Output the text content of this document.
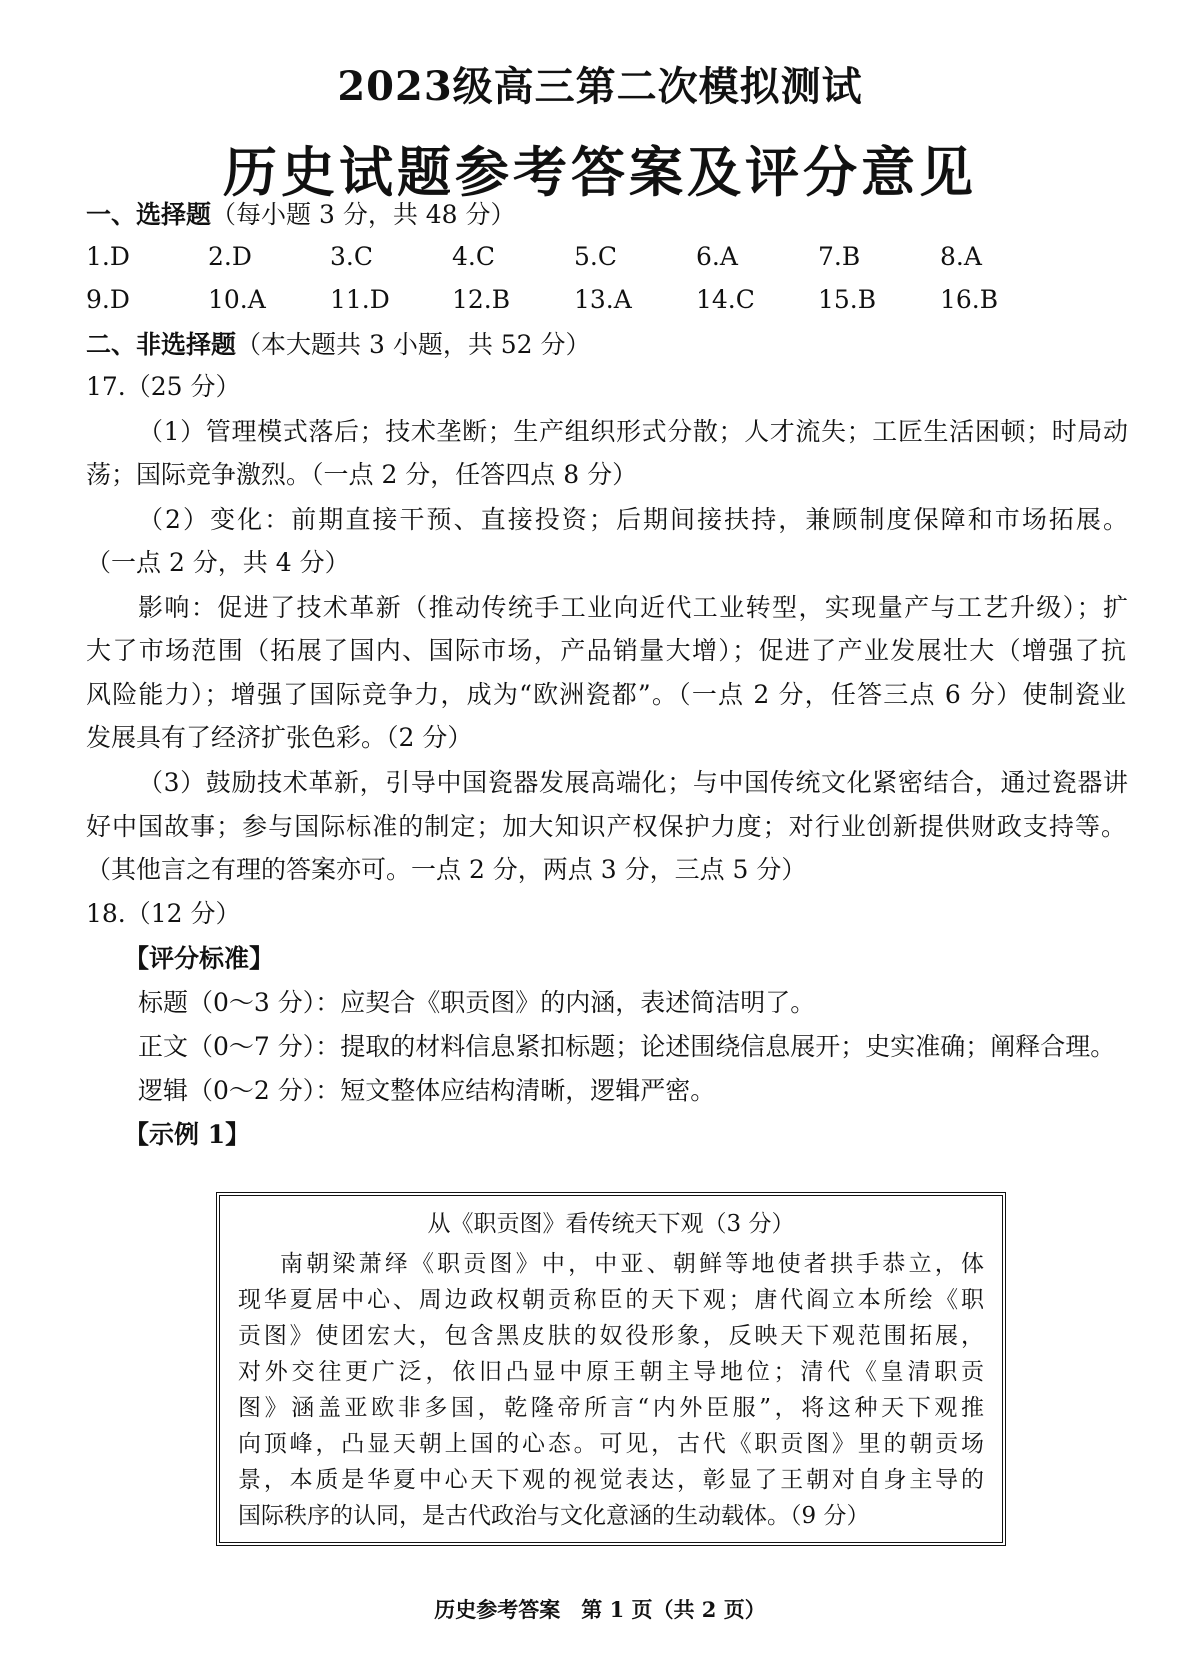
2023级高三第二次模拟测试
历史试题参考答案及评分意见
一、选择题（每小题 3 分，共 48 分）
1.D	2.D	3.C	4.C	5.C	6.A	7.B	8.A
9.D	10.A	11.D 12.B	13.A	14.C	15.B	16.B
二、非选择题（本大题共 3 小题，共 52 分）
17.（25 分）
（1）管理模式落后；技术垄断；生产组织形式分散；人才流失；工匠生活困顿；时局动
荡；国际竞争激烈。（一点 2 分，任答四点 8 分）
（2）变化：前期直接干预、直接投资；后期间接扶持，兼顾制度保障和市场拓展。
（一点 2 分，共 4 分）
影响：促进了技术革新（推动传统手工业向近代工业转型，实现量产与工艺升级）；扩
大了市场范围（拓展了国内、国际市场，产品销量大增）；促进了产业发展壮大（增强了抗
风险能力）；增强了国际竞争力，成为“欧洲瓷都”。（一点 2 分，任答三点 6 分）使制瓷业
发展具有了经济扩张色彩。（2 分）
（3）鼓励技术革新，引导中国瓷器发展高端化；与中国传统文化紧密结合，通过瓷器讲
好中国故事；参与国际标准的制定；加大知识产权保护力度；对行业创新提供财政支持等。
（其他言之有理的答案亦可。一点 2 分，两点 3 分，三点 5 分）
18.（12 分）
【评分标准】
标题（0～3 分）：应契合《职贡图》的内涵，表述简洁明了。
正文（0～7 分）：提取的材料信息紧扣标题；论述围绕信息展开；史实准确；阐释合理。
逻辑（0～2 分）：短文整体应结构清晰，逻辑严密。
【示例 1】
从《职贡图》看传统天下观（3 分）
南朝梁萧绎《职贡图》中，中亚、朝鲜等地使者拱手恭立，体
现华夏居中心、周边政权朝贡称臣的天下观；唐代阎立本所绘《职
贡图》使团宏大，包含黑皮肤的奴役形象，反映天下观范围拓展，
对外交往更广泛，依旧凸显中原王朝主导地位；清代《皇清职贡
图》涵盖亚欧非多国，乾隆帝所言“内外臣服”，将这种天下观推
向顶峰，凸显天朝上国的心态。可见，古代《职贡图》里的朝贡场
景，本质是华夏中心天下观的视觉表达，彰显了王朝对自身主导的
国际秩序的认同，是古代政治与文化意涵的生动载体。（9 分）
历史参考答案　第 1 页（共 2 页）
